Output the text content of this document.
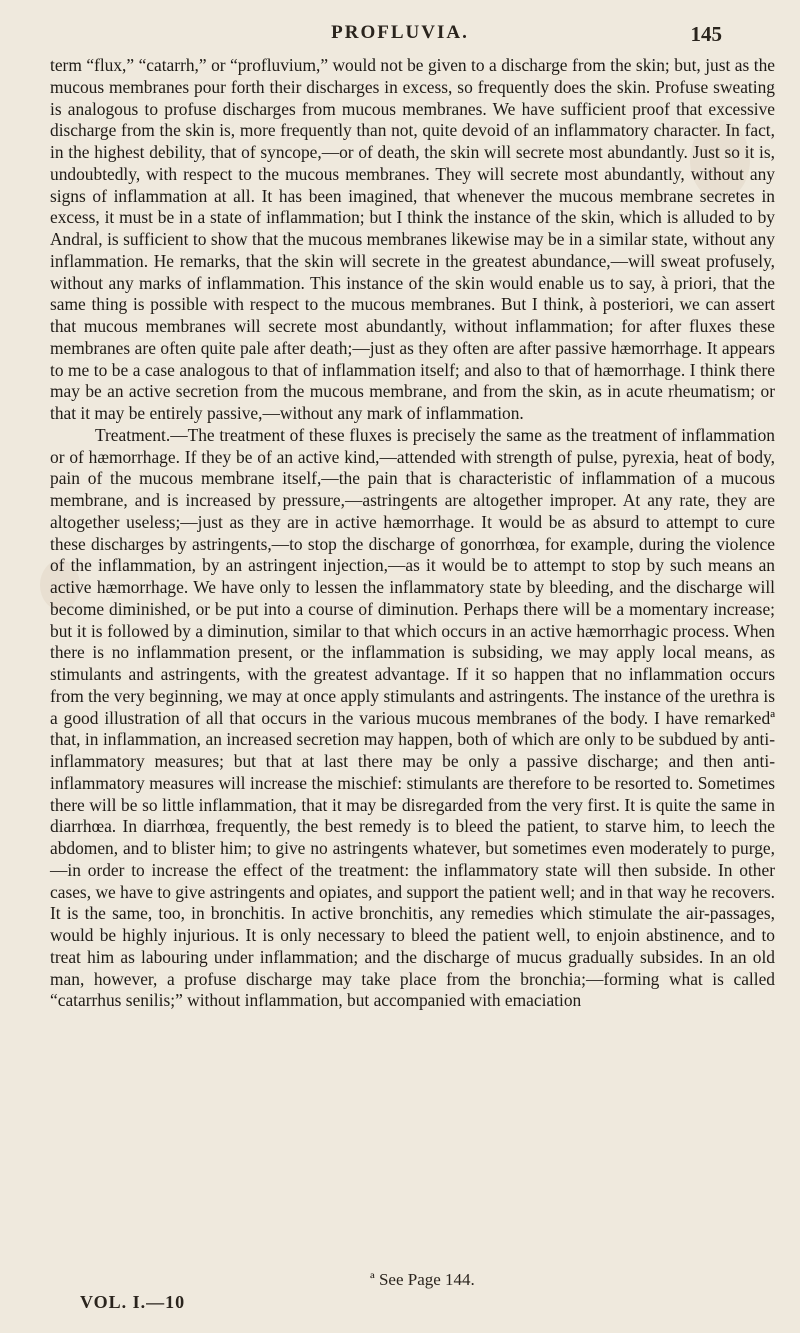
PROFLUVIA.	145

term “flux,” “catarrh,” or “profluvium,” would not be given to a discharge from the skin; but, just as the mucous membranes pour forth their discharges in excess, so frequently does the skin. Profuse sweating is analogous to profuse discharges from mucous membranes. We have sufficient proof that excessive discharge from the skin is, more frequently than not, quite devoid of an inflammatory character. In fact, in the highest debility, that of syncope,—or of death, the skin will secrete most abundantly. Just so it is, undoubtedly, with respect to the mucous membranes. They will secrete most abundantly, without any signs of inflammation at all. It has been imagined, that whenever the mucous membrane secretes in excess, it must be in a state of inflammation; but I think the instance of the skin, which is alluded to by Andral, is sufficient to show that the mucous membranes likewise may be in a similar state, without any inflammation. He remarks, that the skin will secrete in the greatest abundance,—will sweat profusely, without any marks of inflammation. This instance of the skin would enable us to say, à priori, that the same thing is possible with respect to the mucous membranes. But I think, à posteriori, we can assert that mucous membranes will secrete most abundantly, without inflammation; for after fluxes these membranes are often quite pale after death;—just as they often are after passive hæmorrhage. It appears to me to be a case analogous to that of inflammation itself; and also to that of hæmorrhage. I think there may be an active secretion from the mucous membrane, and from the skin, as in acute rheumatism; or that it may be entirely passive,—without any mark of inflammation.

Treatment.—The treatment of these fluxes is precisely the same as the treatment of inflammation or of hæmorrhage. If they be of an active kind,—attended with strength of pulse, pyrexia, heat of body, pain of the mucous membrane itself,—the pain that is characteristic of inflammation of a mucous membrane, and is increased by pressure,—astringents are altogether improper. At any rate, they are altogether useless;—just as they are in active hæmorrhage. It would be as absurd to attempt to cure these discharges by astringents,—to stop the discharge of gonorrhœa, for example, during the violence of the inflammation, by an astringent injection,—as it would be to attempt to stop by such means an active hæmorrhage. We have only to lessen the inflammatory state by bleeding, and the discharge will become diminished, or be put into a course of diminution. Perhaps there will be a momentary increase; but it is followed by a diminution, similar to that which occurs in an active hæmorrhagic process. When there is no inflammation present, or the inflammation is subsiding, we may apply local means, as stimulants and astringents, with the greatest advantage. If it so happen that no inflammation occurs from the very beginning, we may at once apply stimulants and astringents. The instance of the urethra is a good illustration of all that occurs in the various mucous membranes of the body. I have remarkedª that, in inflammation, an increased secretion may happen, both of which are only to be subdued by anti-inflammatory measures; but that at last there may be only a passive discharge; and then anti-inflammatory measures will increase the mischief: stimulants are therefore to be resorted to. Sometimes there will be so little inflammation, that it may be disregarded from the very first. It is quite the same in diarrhœa. In diarrhœa, frequently, the best remedy is to bleed the patient, to starve him, to leech the abdomen, and to blister him; to give no astringents whatever, but sometimes even moderately to purge,—in order to increase the effect of the treatment: the inflammatory state will then subside. In other cases, we have to give astringents and opiates, and support the patient well; and in that way he recovers. It is the same, too, in bronchitis. In active bronchitis, any remedies which stimulate the air-passages, would be highly injurious. It is only necessary to bleed the patient well, to enjoin abstinence, and to treat him as labouring under inflammation; and the discharge of mucus gradually subsides. In an old man, however, a profuse discharge may take place from the bronchia;—forming what is called “catarrhus senilis;” without inflammation, but accompanied with emaciation

ª See Page 144.
VOL. I.—10
